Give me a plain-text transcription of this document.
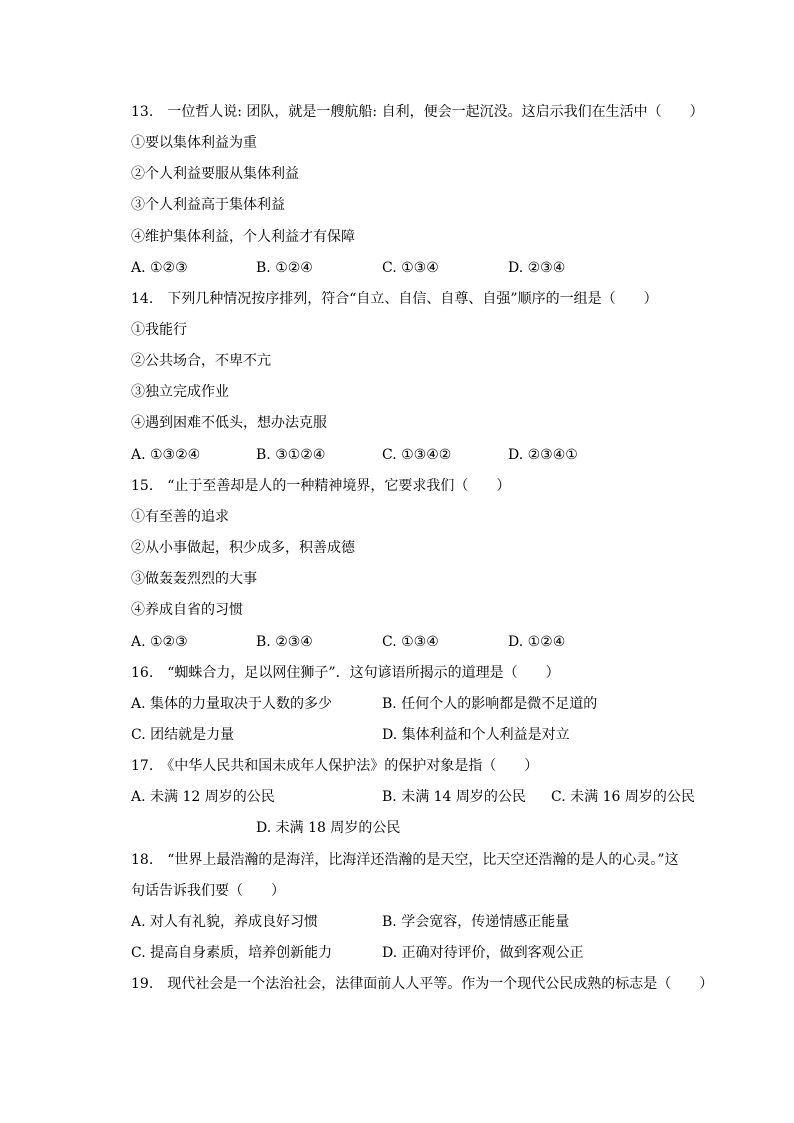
13.　一位哲人说: 团队，就是一艘航船: 自利，便会一起沉没。这启示我们在生活中（　　）
①要以集体利益为重
②个人利益要服从集体利益
③个人利益高于集体利益
④维护集体利益，个人利益才有保障
A. ①②③	B. ①②④	C. ①③④	D. ②③④
14.　下列几种情况按序排列，符合“自立、自信、自尊、自强”顺序的一组是（　　）
①我能行
②公共场合，不卑不亢
③独立完成作业
④遇到困难不低头，想办法克服
A. ①③②④	B. ③①②④	C. ①③④②	D. ②③④①
15.　“止于至善却是人的一种精神境界，它要求我们（　　）
①有至善的追求
②从小事做起，积少成多，积善成德
③做轰轰烈烈的大事
④养成自省的习惯
A. ①②③	B. ②③④	C. ①③④	D. ①②④
16.　“蜘蛛合力，足以网住狮子”．这句谚语所揭示的道理是（　　）
A. 集体的力量取决于人数的多少	B. 任何个人的影响都是微不足道的
C. 团结就是力量	D. 集体利益和个人利益是对立
17.　《中华人民共和国未成年人保护法》的保护对象是指（　　）
A. 未满 12 周岁的公民	B. 未满 14 周岁的公民 C. 未满 16 周岁的公民
D. 未满 18 周岁的公民
18.　“世界上最浩瀚的是海洋，比海洋还浩瀚的是天空，比天空还浩瀚的是人的心灵。”这
句话告诉我们要（　　）
A. 对人有礼貌，养成良好习惯	B. 学会宽容，传递情感正能量
C. 提高自身素质，培养创新能力	D. 正确对待评价，做到客观公正
19.　现代社会是一个法治社会，法律面前人人平等。作为一个现代公民成熟的标志是（　　）
